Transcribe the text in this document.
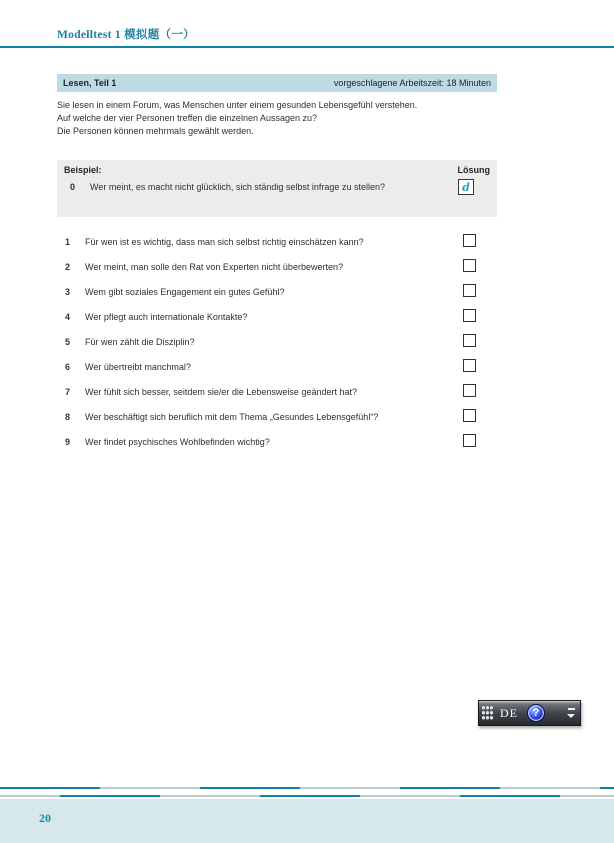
Modelltest 1 模拟题（一）
Lesen, Teil 1	vorgeschlagene Arbeitszeit: 18 Minuten

Sie lesen in einem Forum, was Menschen unter einem gesunden Lebensgefühl verstehen.

Auf welche der vier Personen treffen die einzelnen Aussagen zu?

Die Personen können mehrmals gewählt werden.

Beispiel:	Lösung
0	Wer meint, es macht nicht glücklich, sich ständig selbst infrage zu stellen?	d
1 Für wen ist es wichtig, dass man sich selbst richtig einschätzen kann?
2 Wer meint, man solle den Rat von Experten nicht überbewerten?
3 Wem gibt soziales Engagement ein gutes Gefühl?
4 Wer pflegt auch internationale Kontakte?
5 Für wen zählt die Disziplin?
6 Wer übertreibt manchmal?
7 Wer fühlt sich besser, seitdem sie/er die Lebensweise geändert hat?
8 Wer beschäftigt sich beruflich mit dem Thema „Gesundes Lebensgefühl“?
9 Wer findet psychisches Wohlbefinden wichtig?
DE	?
20
